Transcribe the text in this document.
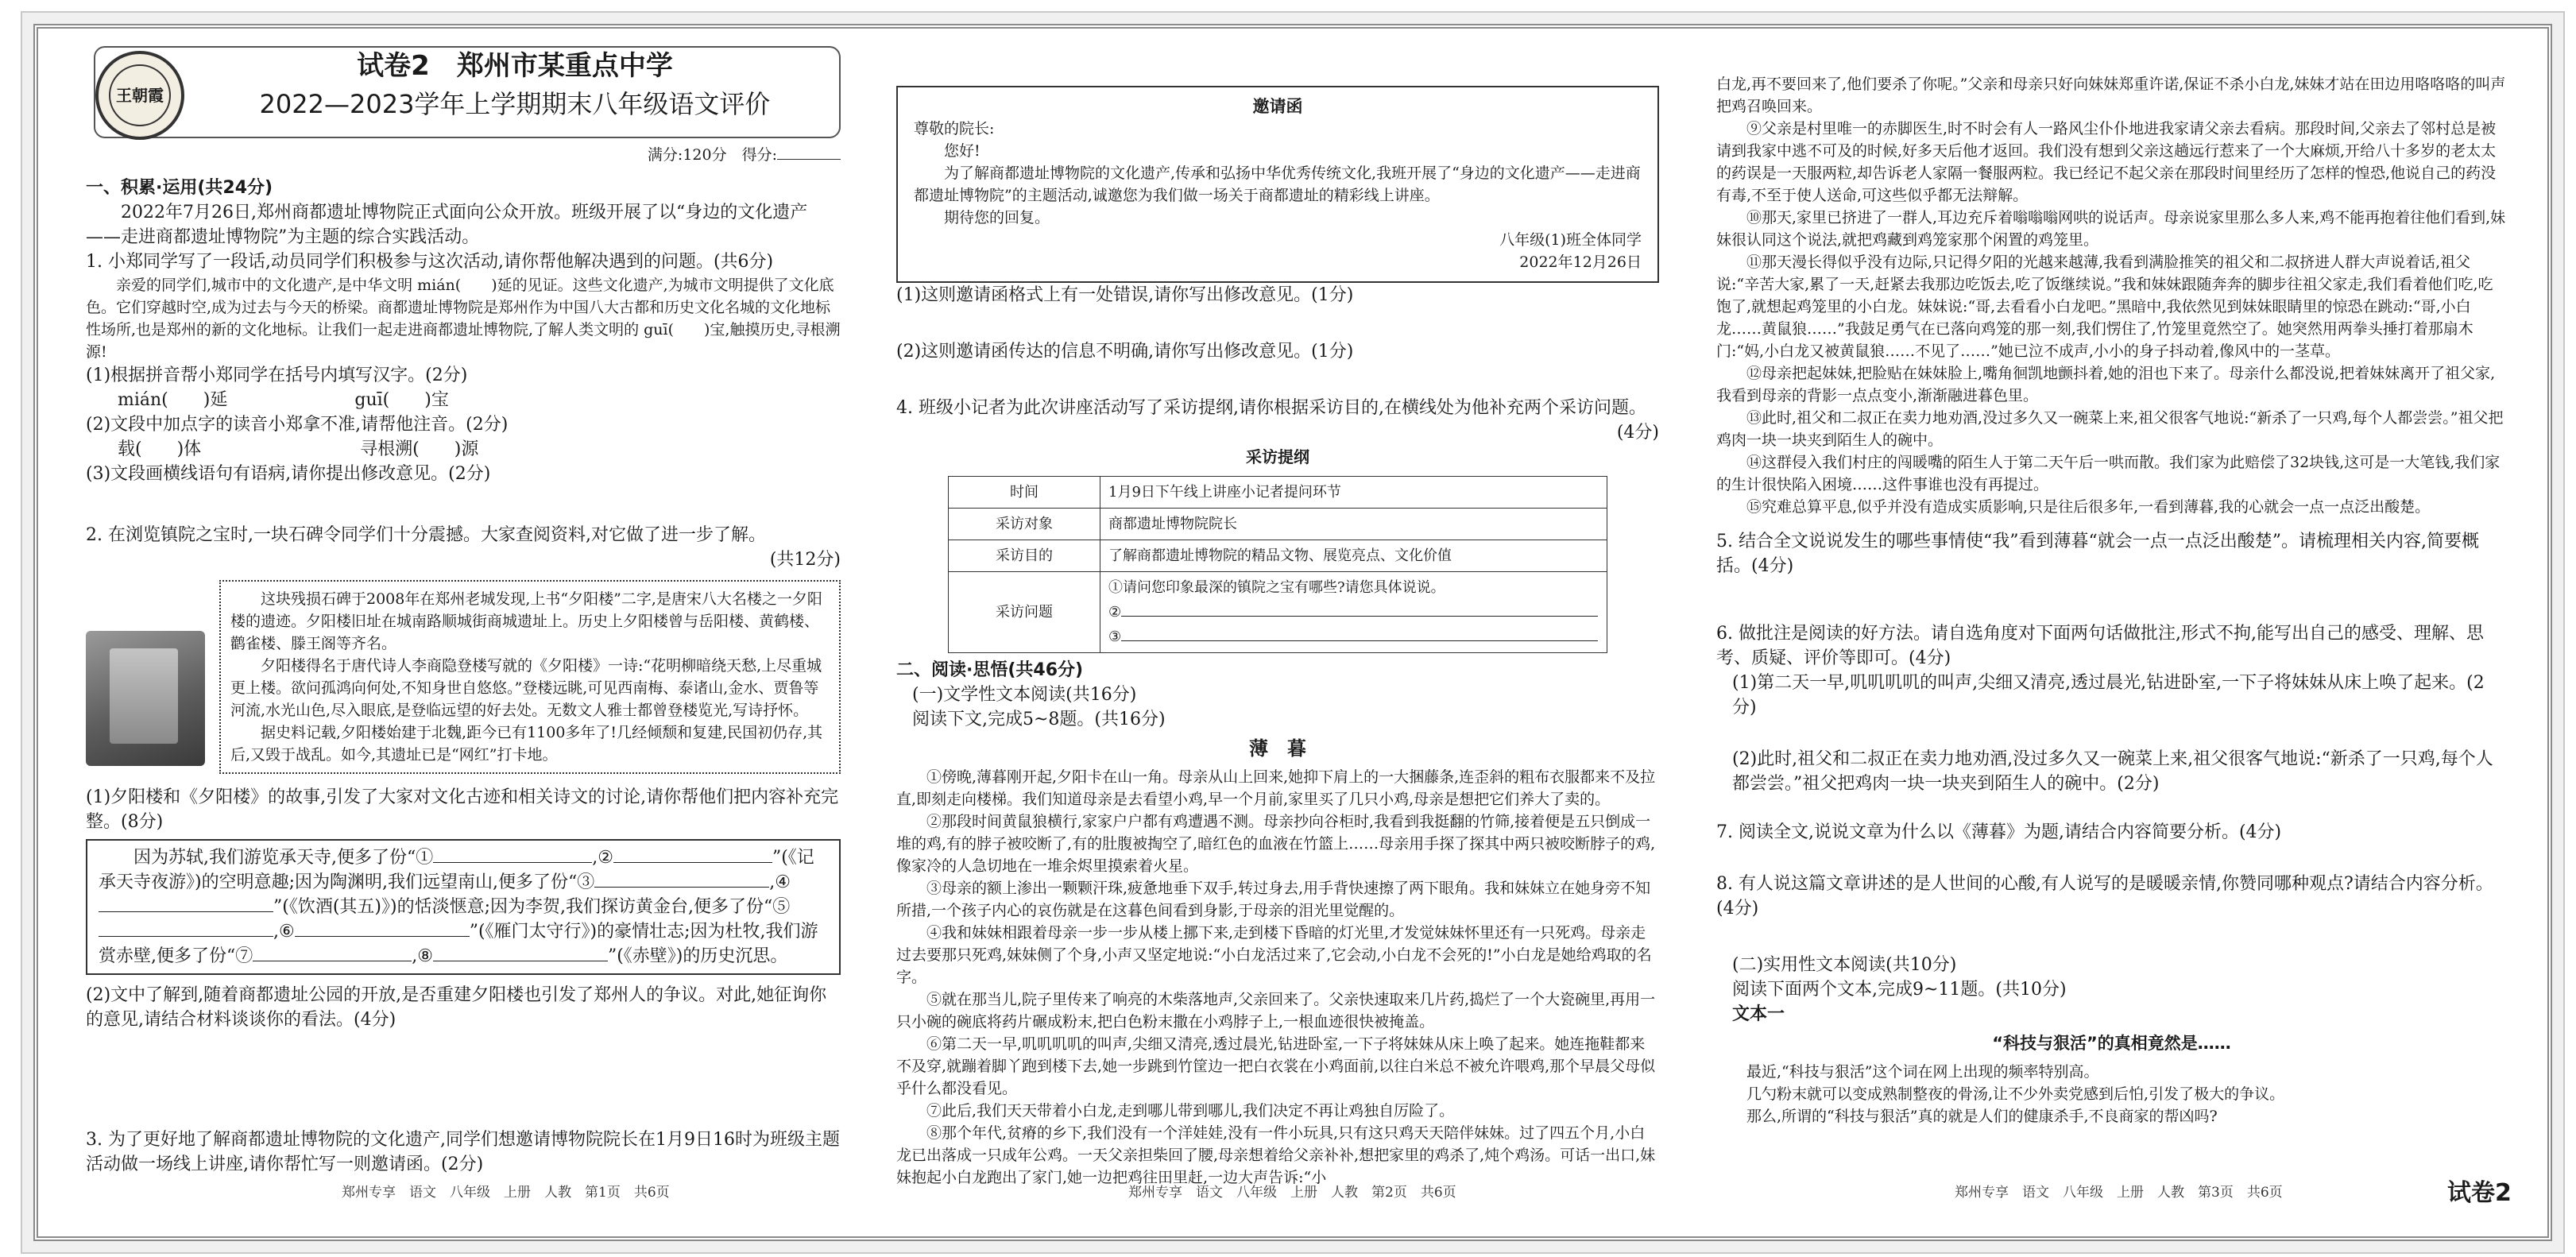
王朝霞
试卷2　郑州市某重点中学
2022—2023学年上学期期末八年级语文评价
满分:120分　得分:

一、积累·运用(共24分)

2022年7月26日,郑州商都遗址博物院正式面向公众开放。班级开展了以“身边的文化遗产——走进商都遗址博物院”为主题的综合实践活动。

1. 小郑同学写了一段话,动员同学们积极参与这次活动,请你帮他解决遇到的问题。(共6分)

亲爱的同学们,城市中的文化遗产,是中华文明 mián(　　)延的见证。这些文化遗产,为城市文明提供了文化底色。它们穿越时空,成为过去与今天的桥梁。商都遗址博物院是郑州作为中国八大古都和历史文化名城的文化地标性场所,也是郑州的新的文化地标。让我们一起走进商都遗址博物院,了解人类文明的 guī(　　)宝,触摸历史,寻根溯源!

(1)根据拼音帮小郑同学在括号内填写汉字。(2分)

mián(　　)延	guī(　　)宝

(2)文段中加点字的读音小郑拿不准,请帮他注音。(2分)

载(　　)体	寻根溯(　　)源

(3)文段画横线语句有语病,请你提出修改意见。(2分)

2. 在浏览镇院之宝时,一块石碑令同学们十分震撼。大家查阅资料,对它做了进一步了解。

(共12分)

这块残损石碑于2008年在郑州老城发现,上书“夕阳楼”二字,是唐宋八大名楼之一夕阳楼的遗迹。夕阳楼旧址在城南路顺城街商城遗址上。历史上夕阳楼曾与岳阳楼、黄鹤楼、鹳雀楼、滕王阁等齐名。

夕阳楼得名于唐代诗人李商隐登楼写就的《夕阳楼》一诗:“花明柳暗绕天愁,上尽重城更上楼。欲问孤鸿向何处,不知身世自悠悠。”登楼远眺,可见西南梅、泰诸山,金水、贾鲁等河流,水光山色,尽入眼底,是登临远望的好去处。无数文人雅士都曾登楼览光,写诗抒怀。

据史料记载,夕阳楼始建于北魏,距今已有1100多年了!几经倾颓和复建,民国初仍存,其后,又毁于战乱。如今,其遗址已是“网红”打卡地。

(1)夕阳楼和《夕阳楼》的故事,引发了大家对文化古迹和相关诗文的讨论,请你帮他们把内容补充完整。(8分)

因为苏轼,我们游览承天寺,便多了份“①	,②	”(《记承天寺夜游》)的空明意趣;因为陶渊明,我们远望南山,便多了份“③	,④”(《饮酒(其五)》)的恬淡惬意;因为李贺,我们探访黄金台,便多了份“⑤,⑥	”(《雁门太守行》)的豪情壮志;因为杜牧,我们游赏赤壁,便多了份“⑦	,⑧	”(《赤壁》)的历史沉思。

(2)文中了解到,随着商都遗址公园的开放,是否重建夕阳楼也引发了郑州人的争议。对此,她征询你的意见,请结合材料谈谈你的看法。(4分)

3. 为了更好地了解商都遗址博物院的文化遗产,同学们想邀请博物院院长在1月9日16时为班级主题活动做一场线上讲座,请你帮忙写一则邀请函。(2分)

邀请函

尊敬的院长:

您好!

为了解商都遗址博物院的文化遗产,传承和弘扬中华优秀传统文化,我班开展了“身边的文化遗产——走进商都遗址博物院”的主题活动,诚邀您为我们做一场关于商都遗址的精彩线上讲座。

期待您的回复。

八年级(1)班全体同学

2022年12月26日

(1)这则邀请函格式上有一处错误,请你写出修改意见。(1分)

(2)这则邀请函传达的信息不明确,请你写出修改意见。(1分)

4. 班级小记者为此次讲座活动写了采访提纲,请你根据采访目的,在横线处为他补充两个采访问题。

(4分)

采访提纲

时间	1月9日下午线上讲座小记者提问环节
采访对象	商都遗址博物院院长
采访目的	了解商都遗址博物院的精品文物、展览亮点、文化价值
采访问题	①请问您印象最深的镇院之宝有哪些?请您具体说说。
②
③

二、阅读·思悟(共46分)

(一)文学性文本阅读(共16分)

阅读下文,完成5~8题。(共16分)

薄　暮

①傍晚,薄暮刚开起,夕阳卡在山一角。母亲从山上回来,她抑下肩上的一大捆藤条,连歪斜的粗布衣服都来不及拉直,即刻走向楼梯。我们知道母亲是去看望小鸡,早一个月前,家里买了几只小鸡,母亲是想把它们养大了卖的。

②那段时间黄鼠狼横行,家家户户都有鸡遭遇不测。母亲抄向谷柜时,我看到我挺翻的竹筛,接着便是五只倒成一堆的鸡,有的脖子被咬断了,有的肚腹被掏空了,暗红色的血液在竹篮上……母亲用手探了探其中两只被咬断脖子的鸡,像家冷的人急切地在一堆余烬里摸索着火星。

③母亲的额上渗出一颗颗汗珠,疲惫地垂下双手,转过身去,用手背快速擦了两下眼角。我和妹妹立在她身旁不知所措,一个孩子内心的哀伤就是在这暮色间看到身影,于母亲的泪光里觉醒的。

④我和妹妹相跟着母亲一步一步从楼上挪下来,走到楼下昏暗的灯光里,才发觉妹妹怀里还有一只死鸡。母亲走过去要那只死鸡,妹妹侧了个身,小声又坚定地说:“小白龙活过来了,它会动,小白龙不会死的!”小白龙是她给鸡取的名字。

⑤就在那当儿,院子里传来了响亮的木柴落地声,父亲回来了。父亲快速取来几片药,捣烂了一个大瓷碗里,再用一只小碗的碗底将药片碾成粉末,把白色粉末撒在小鸡脖子上,一根血迹很快被掩盖。

⑥第二天一早,叽叽叽叽的叫声,尖细又清亮,透过晨光,钻进卧室,一下子将妹妹从床上唤了起来。她连拖鞋都来不及穿,就蹦着脚丫跑到楼下去,她一步跳到竹筐边一把白衣裳在小鸡面前,以往白米总不被允许喂鸡,那个早晨父母似乎什么都没看见。

⑦此后,我们天天带着小白龙,走到哪儿带到哪儿,我们决定不再让鸡独自厉险了。

⑧那个年代,贫瘠的乡下,我们没有一个洋娃娃,没有一件小玩具,只有这只鸡天天陪伴妹妹。过了四五个月,小白龙已出落成一只成年公鸡。一天父亲担柴回了腰,母亲想着给父亲补补,想把家里的鸡杀了,炖个鸡汤。可话一出口,妹妹抱起小白龙跑出了家门,她一边把鸡往田里赶,一边大声告诉:“小

白龙,再不要回来了,他们要杀了你呢。”父亲和母亲只好向妹妹郑重许诺,保证不杀小白龙,妹妹才站在田边用咯咯咯的叫声把鸡召唤回来。

⑨父亲是村里唯一的赤脚医生,时不时会有人一路风尘仆仆地进我家请父亲去看病。那段时间,父亲去了邻村总是被请到我家中逃不可及的时候,好多天后他才返回。我们没有想到父亲这趟远行惹来了一个大麻烦,开给八十多岁的老太太的药误是一天服两粒,却告诉老人家隔一餐服两粒。我已经记不起父亲在那段时间里经历了怎样的惶恐,他说自己的药没有毒,不至于使人送命,可这些似乎都无法辩解。

⑩那天,家里已挤进了一群人,耳边充斥着嗡嗡嗡网哄的说话声。母亲说家里那么多人来,鸡不能再抱着往他们看到,妹妹很认同这个说法,就把鸡藏到鸡笼家那个闲置的鸡笼里。

⑪那天漫长得似乎没有边际,只记得夕阳的光越来越薄,我看到满脸推笑的祖父和二叔挤进人群大声说着话,祖父说:“辛苦大家,累了一天,赶紧去我那边吃饭去,吃了饭继续说。”我和妹妹跟随奔奔的脚步往祖父家走,我们看着他们吃,吃饱了,就想起鸡笼里的小白龙。妹妹说:“哥,去看看小白龙吧。”黑暗中,我依然见到妹妹眼睛里的惊恐在跳动:“哥,小白龙……黄鼠狼……”我鼓足勇气在已落向鸡笼的那一刻,我们愣住了,竹笼里竟然空了。她突然用两拳头捶打着那扇木门:“妈,小白龙又被黄鼠狼……不见了……”她已泣不成声,小小的身子抖动着,像风中的一茎草。

⑫母亲把起妹妹,把脸贴在妹妹脸上,嘴角徊凯地颤抖着,她的泪也下来了。母亲什么都没说,把着妹妹离开了祖父家,我看到母亲的背影一点点变小,渐渐融进暮色里。

⑬此时,祖父和二叔正在卖力地劝酒,没过多久又一碗菜上来,祖父很客气地说:“新杀了一只鸡,每个人都尝尝。”祖父把鸡肉一块一块夹到陌生人的碗中。

⑭这群侵入我们村庄的闯暖嘴的陌生人于第二天午后一哄而散。我们家为此赔偿了32块钱,这可是一大笔钱,我们家的生计很快陷入困境……这件事谁也没有再提过。

⑮究难总算平息,似乎并没有造成实质影响,只是往后很多年,一看到薄暮,我的心就会一点一点泛出酸楚。

5. 结合全文说说发生的哪些事情使“我”看到薄暮“就会一点一点泛出酸楚”。请梳理相关内容,简要概括。(4分)

6. 做批注是阅读的好方法。请自选角度对下面两句话做批注,形式不拘,能写出自己的感受、理解、思考、质疑、评价等即可。(4分)

(1)第二天一早,叽叽叽叽的叫声,尖细又清亮,透过晨光,钻进卧室,一下子将妹妹从床上唤了起来。(2分)

(2)此时,祖父和二叔正在卖力地劝酒,没过多久又一碗菜上来,祖父很客气地说:“新杀了一只鸡,每个人都尝尝。”祖父把鸡肉一块一块夹到陌生人的碗中。(2分)

7. 阅读全文,说说文章为什么以《薄暮》为题,请结合内容简要分析。(4分)

8. 有人说这篇文章讲述的是人世间的心酸,有人说写的是暖暖亲情,你赞同哪种观点?请结合内容分析。(4分)

(二)实用性文本阅读(共10分)

阅读下面两个文本,完成9~11题。(共10分)

文本一

“科技与狠活”的真相竟然是……

最近,“科技与狠活”这个词在网上出现的频率特别高。

几勺粉末就可以变成熟制整夜的骨汤,让不少外卖党感到后怕,引发了极大的争议。

那么,所谓的“科技与狠活”真的就是人们的健康杀手,不良商家的帮凶吗?

郑州专享　语文　八年级　上册　人教　第1页　共6页	郑州专享　语文　八年级　上册　人教　第2页　共6页	郑州专享　语文　八年级　上册　人教　第3页　共6页	试卷2
